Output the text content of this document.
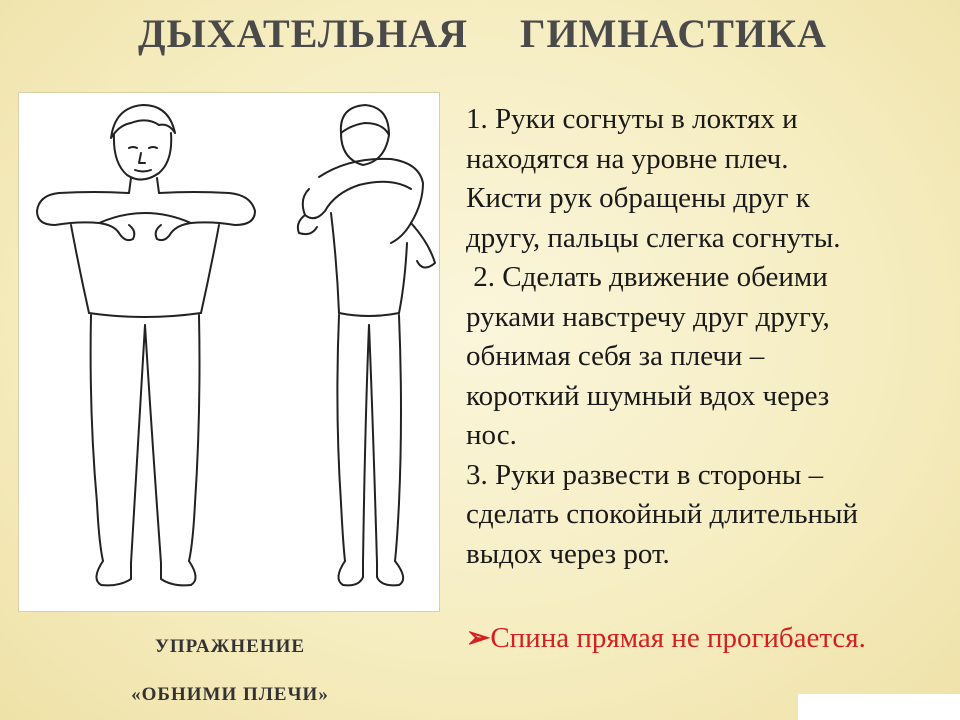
ДЫХАТЕЛЬНАЯ ГИМНАСТИКА
1. Руки согнуты в локтях и
находятся на уровне плеч.
Кисти рук обращены друг к
другу, пальцы слегка согнуты.
2. Сделать движение обеими
руками навстречу друг другу,
обнимая себя за плечи –
короткий шумный вдох через
нос.
3. Руки развести в стороны –
сделать спокойный длительный
выдох через рот.
➢Спина прямая не прогибается.
УПРАЖНЕНИЕ
«ОБНИМИ ПЛЕЧИ»
